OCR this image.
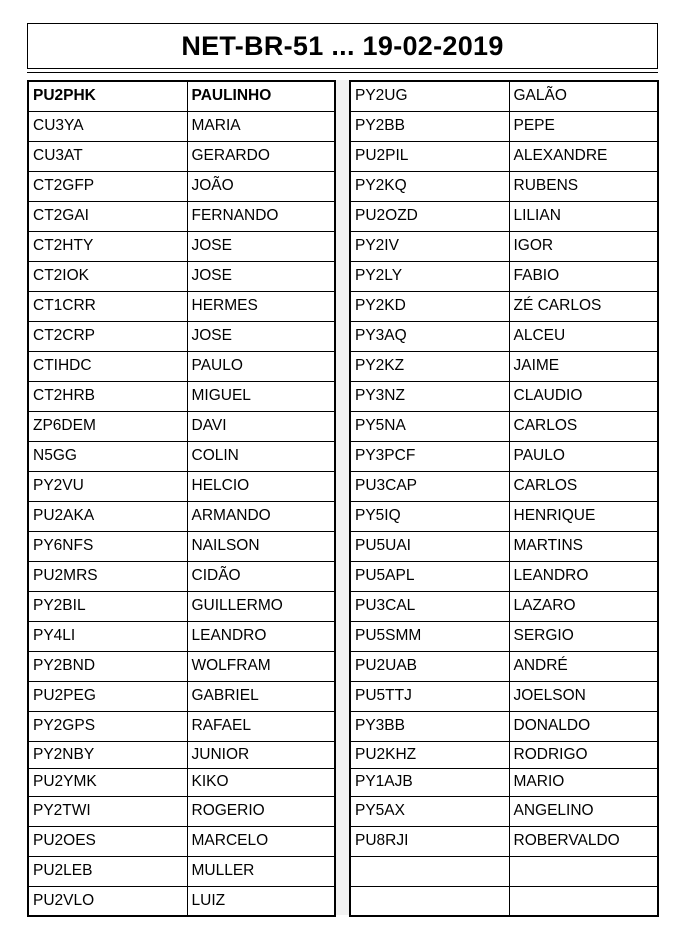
NET-BR-51 ... 19-02-2019
PU2PHK	PAULINHO
CU3YA	MARIA
CU3AT	GERARDO
CT2GFP	JOÃO
CT2GAI	FERNANDO
CT2HTY	JOSE
CT2IOK	JOSE
CT1CRR	HERMES
CT2CRP	JOSE
CTIHDC	PAULO
CT2HRB	MIGUEL
ZP6DEM	DAVI
N5GG	COLIN
PY2VU	HELCIO
PU2AKA	ARMANDO
PY6NFS	NAILSON
PU2MRS	CIDÃO
PY2BIL	GUILLERMO
PY4LI	LEANDRO
PY2BND	WOLFRAM
PU2PEG	GABRIEL
PY2GPS	RAFAEL
PY2NBY	JUNIOR
PU2YMK	KIKO
PY2TWI	ROGERIO
PU2OES	MARCELO
PU2LEB	MULLER
PU2VLO	LUIZ
PY2UG	GALÃO
PY2BB	PEPE
PU2PIL	ALEXANDRE
PY2KQ	RUBENS
PU2OZD	LILIAN
PY2IV	IGOR
PY2LY	FABIO
PY2KD	ZÉ CARLOS
PY3AQ	ALCEU
PY2KZ	JAIME
PY3NZ	CLAUDIO
PY5NA	CARLOS
PY3PCF	PAULO
PU3CAP	CARLOS
PY5IQ	HENRIQUE
PU5UAI	MARTINS
PU5APL	LEANDRO
PU3CAL	LAZARO
PU5SMM	SERGIO
PU2UAB	ANDRÉ
PU5TTJ	JOELSON
PY3BB	DONALDO
PU2KHZ	RODRIGO
PY1AJB	MARIO
PY5AX	ANGELINO
PU8RJI	ROBERVALDO
